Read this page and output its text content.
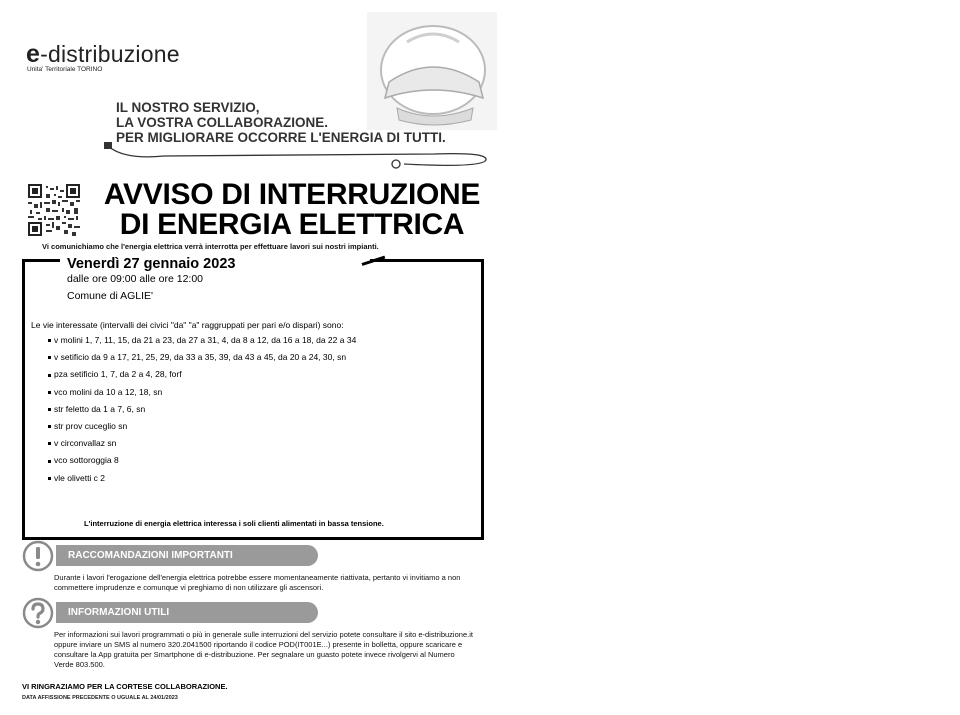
e-distribuzione
Unita' Territoriale TORINO
IL NOSTRO SERVIZIO,
LA VOSTRA COLLABORAZIONE.
PER MIGLIORARE OCCORRE L'ENERGIA DI TUTTI.
AVVISO DI INTERRUZIONE
DI ENERGIA ELETTRICA
Vi comunichiamo che l'energia elettrica verrà interrotta per effettuare lavori sui nostri impianti.
Venerdì 27 gennaio 2023
dalle ore 09:00 alle ore 12:00
Comune di AGLIE'
Le vie interessate (intervalli dei civici "da" "a" raggruppati per pari e/o dispari) sono:
v molini 1, 7, 11, 15, da 21 a 23, da 27 a 31, 4, da 8 a 12, da 16 a 18, da 22 a 34
v setificio da 9 a 17, 21, 25, 29, da 33 a 35, 39, da 43 a 45, da 20 a 24, 30, sn
pza setificio 1, 7, da 2 a 4, 28, forf
vco molini da 10 a 12, 18, sn
str feletto da 1 a 7, 6, sn
str prov cuceglio sn
v circonvallaz sn
vco sottoroggia 8
vle olivetti c 2
L'interruzione di energia elettrica interessa i soli clienti alimentati in bassa tensione.
RACCOMANDAZIONI IMPORTANTI
Durante i lavori l'erogazione dell'energia elettrica potrebbe essere momentaneamente riattivata, pertanto vi invitiamo a non commettere imprudenze e comunque vi preghiamo di non utilizzare gli ascensori.
INFORMAZIONI UTILI
Per informazioni sui lavori programmati o più in generale sulle interruzioni del servizio potete consultare il sito e-distribuzione.it oppure inviare un SMS al numero 320.2041500 riportando il codice POD(IT001E...) presente in bolletta, oppure scaricare e consultare la App gratuita per Smartphone di e-distribuzione. Per segnalare un guasto potete invece rivolgervi al Numero Verde 803.500.
VI RINGRAZIAMO PER LA CORTESE COLLABORAZIONE.
DATA AFFISSIONE PRECEDENTE O UGUALE AL 24/01/2023
